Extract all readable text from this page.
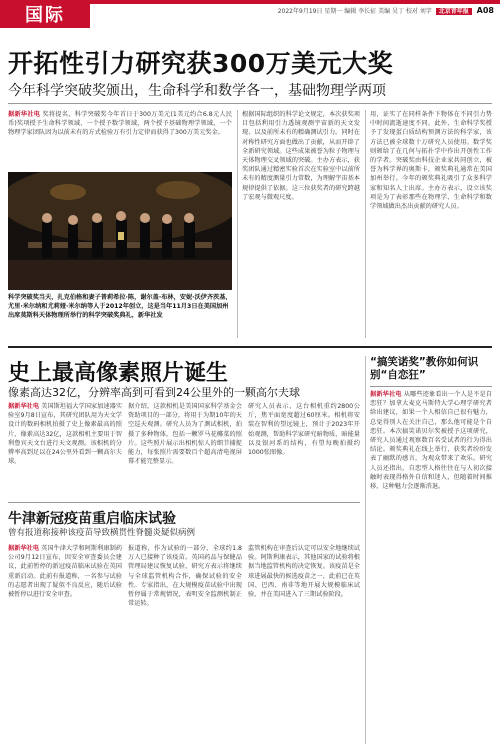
国际	2022年9月19日 星期一 编辑 李长征 美编 吴丁 校对 刘字 北京青年报 A08
开拓性引力研究获300万美元大奖
今年科学突破奖颁出，生命科学和数学各一，基础物理学两项
据新华社电 奖将提名，科学突破奖今年首日于300万美元(1美元约合6.8元人民币)奖项授予生命科学领域、一个授予数学领域，两个授予基础物理学领域，一个物理学家团队因为以前未有的方式检验万有引力定律而获得了300万美元奖金。
科学突破奖当天，扎克伯格和妻子普莉希拉·陈，谢尔盖·布林，安妮·沃伊齐茨基，尤里·米尔纳和尤莉娅·米尔纳等人于2012年创立，这是当年11月3日在美国加州出席莫斯科天体物理所举行的科学突破奖典礼，新华社发
根据国际组织的科学论文规定，本次获奖项目包括利用引力透镜观测宇宙新的天文发现、以及前所未有的精确测试引力。同时在对称性研究方面也做出了贡献，从而开辟了全新研究领域。这些成果被誉为粒子物理与天体物理交叉领域的突破。主办方表示，获奖团队通过精密实验首次在实验室中以前所未有的精度测量引力常数，为理解宇宙基本规律提供了依据。这三位获奖者的研究跨越了宏观与微观尺度。
用，证实了在同样条件下物体在不同引力势中时间流逝速度不同。此外，生命科学奖授予了发现蛋白质结构预测方法的科学家，该方法已被全球数十万研究人员使用。数学奖则颁给了在几何与拓扑学中作出开创性工作的学者。突破奖由科技企业家共同创立，被誉为科学界的奥斯卡，颁奖典礼通常在美国加州举行。今年的颁奖典礼吸引了众多科学家和知名人士出席。主办方表示，设立该奖项是为了表彰那些在物理学、生命科学和数学领域做出杰出贡献的研究人员。
史上最高像素照片诞生
像素高达32亿，分辨率高到可看到24公里外的一颗高尔夫球
据新华社电 美国斯坦福大学国家加速器实验室9月8日宣布，其研究团队用为天文学设计的数码相机拍摄了史上像素最高的照片，像素高达32亿，这款相机主要用于智利鲁宾天文台进行天文观测。该相机的分辨率高到足以在24公里外看到一颗高尔夫球。
据介绍，这款相机是美国国家科学基金会资助项目的一部分，将用于为期10年的天空巡天观测。研究人员为了测试相机，拍摄了多种物体，包括一颗罗马花椰菜的照片。这些照片展示出相机惊人的细节捕捉能力，每张照片需要数百个超高清电视屏幕才能完整显示。
研究人员表示，这台相机重约2800公斤，焦平面宽度超过60厘米。相机将安装在智利的望远镜上，预计于2023年开始观测，帮助科学家研究暗物质、暗能量以及银河系的结构，有望每晚拍摄约1000张图像。
“搞笑诺奖”教你如何识别“自恋狂”
据新华社电 从哪些迹象看出一个人是不是自恋狂？加拿大麦克马斯特大学心理学研究者给出建议，如果一个人相信自己很有魅力，总觉得别人在关注自己，那么他可能是个自恋狂。本次搞笑诺贝尔奖被授予这项研究，研究人员通过观察数百名受试者的行为得出结论。颁奖典礼在线上举行，获奖者纷纷发表了幽默的感言，为观众带来了欢乐。研究人员还指出，自恋型人格往往在与人初次接触时表现得格外自信和迷人，但随着时间推移，这种魅力会逐渐消退。
牛津新冠疫苗重启临床试验
曾有报道称接种该疫苗导致横贯性脊髓炎疑似病例
据新华社电 英国牛津大学和阿斯利康制药公司9月12日宣布，因安全审查委员会建议，此前暂停的新冠疫苗临床试验在英国重新启动。此前有报道称，一名参与试验的志愿者出现了疑似不良反应，随后试验被暂停以进行安全审查。
报道称，作为试验的一部分，全球约1.8万人已接种了该疫苗。英国药品与保健品管理局建议恢复试验，研究方表示将继续与全球监管机构合作，确保试验的安全性。专家指出，在大规模疫苗试验中出现暂停属于常规情况，表明安全监测机制正常运转。
监管机构在审查后认定可以安全地继续试验。阿斯利康表示，其他国家的试验将根据当地监管机构的决定恢复。该疫苗是全球进展最快的候选疫苗之一，此前已在英国、巴西、南非等地开展大规模临床试验，并在美国进入了三期试验阶段。
